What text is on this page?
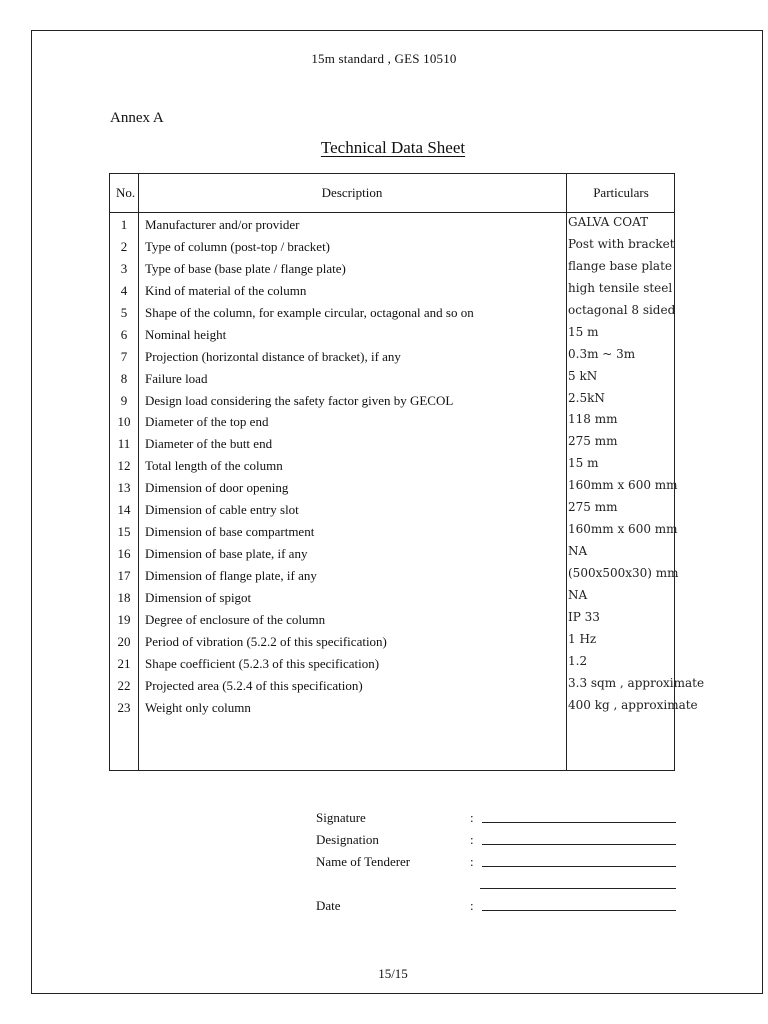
15m standard , GES 10510
Annex A
Technical Data Sheet
No.	Description	Particulars
1	Manufacturer and/or provider	GALVA COAT
2	Type of column (post-top / bracket)	Post with bracket
3	Type of base (base plate / flange plate)	flange base plate
4	Kind of material of the column	high tensile steel
5	Shape of the column, for example circular, octagonal and so on	octagonal 8 sided
6	Nominal height	15 m
7	Projection (horizontal distance of bracket), if any	0.3m ~ 3m
8	Failure load	5 kN
9	Design load considering the safety factor given by GECOL	2.5kN
10	Diameter of the top end	118 mm
11	Diameter of the butt end	275 mm
12	Total length of the column	15 m
13	Dimension of door opening	160mm x 600 mm
14	Dimension of cable entry slot	275 mm
15	Dimension of base compartment	160mm x 600 mm
16	Dimension of base plate, if any	NA
17	Dimension of flange plate, if any	(500x500x30) mm
18	Dimension of spigot	NA
19	Degree of enclosure of the column	IP 33
20	Period of vibration (5.2.2 of this specification)	1 Hz
21	Shape coefficient (5.2.3 of this specification)	1.2
22	Projected area (5.2.4 of this specification)	3.3 sqm , approximate
23	Weight only column	400 kg , approximate
Signature	:
Designation	:
Name of Tenderer	:
Date	:
15/15
